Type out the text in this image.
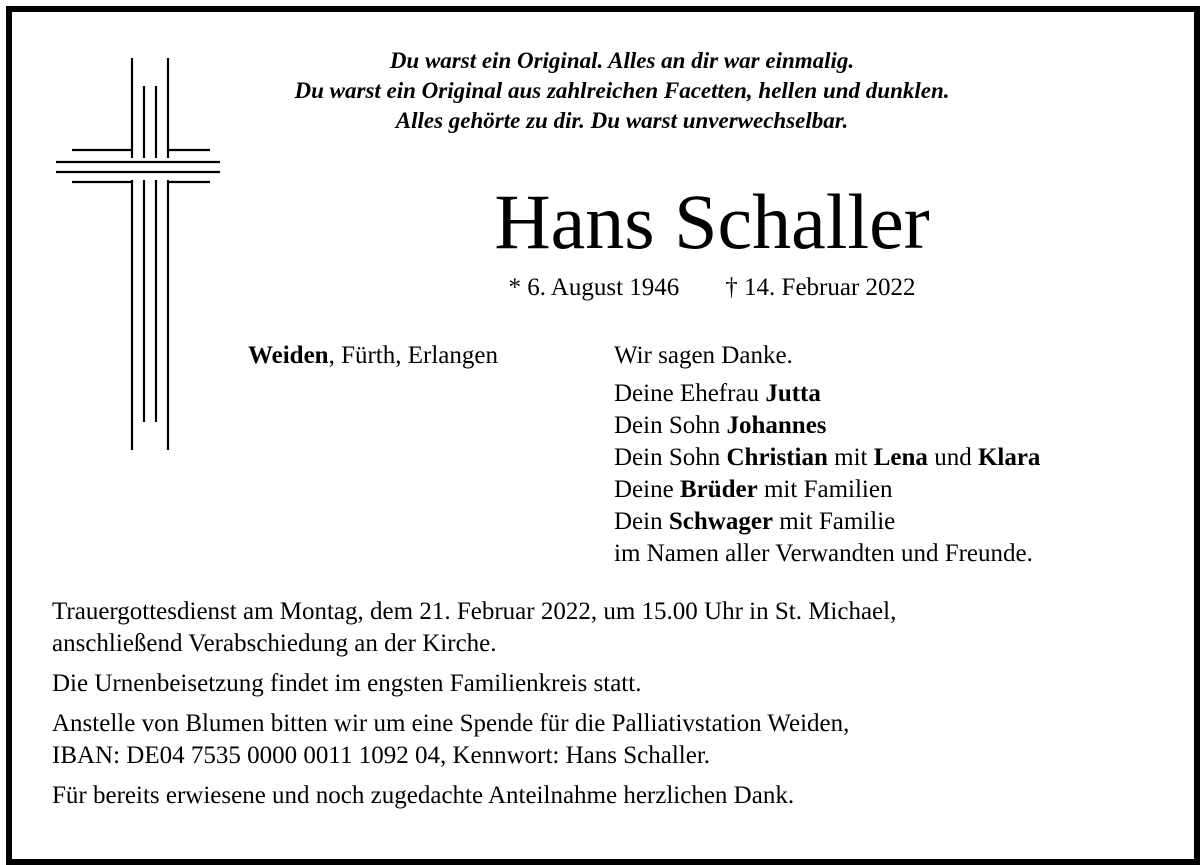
Du warst ein Original. Alles an dir war einmalig.
Du warst ein Original aus zahlreichen Facetten, hellen und dunklen.
Alles gehörte zu dir. Du warst unverwechselbar.
Hans Schaller
* 6. August 1946 † 14. Februar 2022
Weiden, Fürth, Erlangen	Wir sagen Danke.
Deine Ehefrau Jutta
Dein Sohn Johannes
Dein Sohn Christian mit Lena und Klara
Deine Brüder mit Familien
Dein Schwager mit Familie
im Namen aller Verwandten und Freunde.

Trauergottesdienst am Montag, dem 21. Februar 2022, um 15.00 Uhr in St. Michael,
anschließend Verabschiedung an der Kirche.

Die Urnenbeisetzung findet im engsten Familienkreis statt.

Anstelle von Blumen bitten wir um eine Spende für die Palliativstation Weiden,
IBAN: DE04 7535 0000 0011 1092 04, Kennwort: Hans Schaller.

Für bereits erwiesene und noch zugedachte Anteilnahme herzlichen Dank.
